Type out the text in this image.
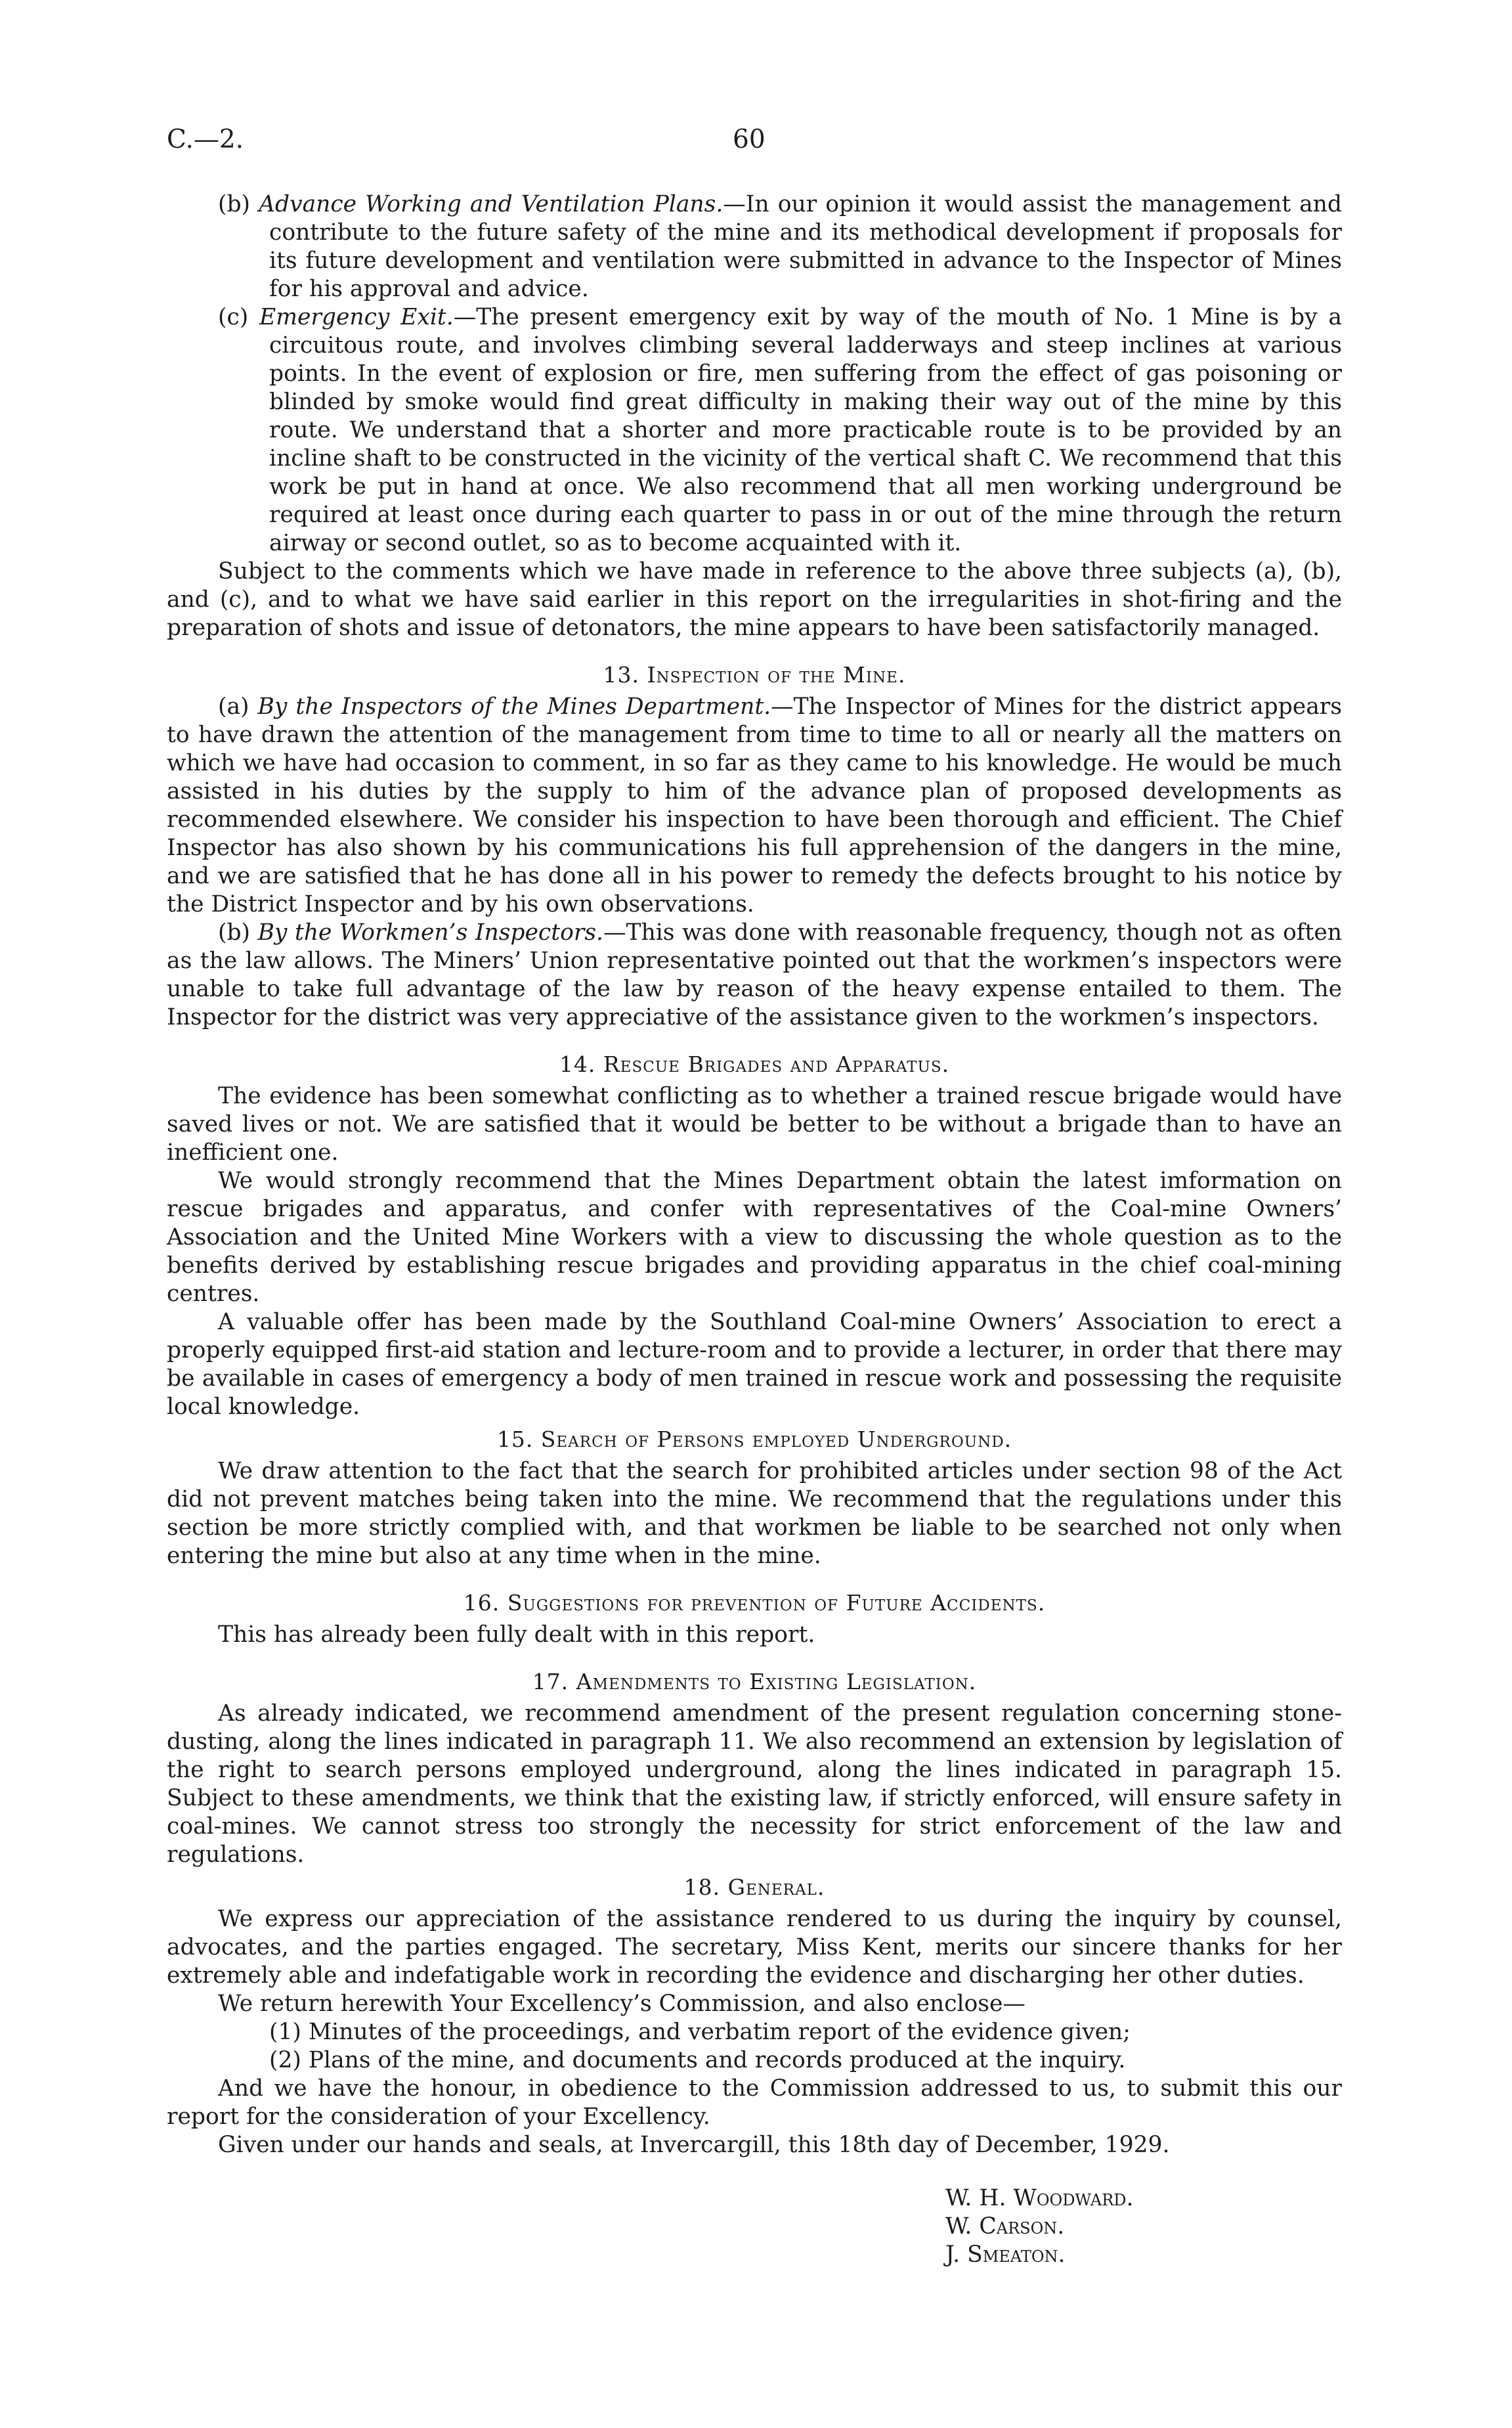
C.—2.	60

(b) Advance Working and Ventilation Plans.—In our opinion it would assist the management and contribute to the future safety of the mine and its methodical development if proposals for its future development and ventilation were submitted in advance to the Inspector of Mines for his approval and advice.

(c) Emergency Exit.—The present emergency exit by way of the mouth of No. 1 Mine is by a circuitous route, and involves climbing several ladderways and steep inclines at various points. In the event of explosion or fire, men suffering from the effect of gas poisoning or blinded by smoke would find great difficulty in making their way out of the mine by this route. We understand that a shorter and more practicable route is to be provided by an incline shaft to be constructed in the vicinity of the vertical shaft C. We recommend that this work be put in hand at once. We also recommend that all men working underground be required at least once during each quarter to pass in or out of the mine through the return airway or second outlet, so as to become acquainted with it.

Subject to the comments which we have made in reference to the above three subjects (a), (b), and (c), and to what we have said earlier in this report on the irregularities in shot-firing and the preparation of shots and issue of detonators, the mine appears to have been satisfactorily managed.

13. Inspection of the Mine.

(a) By the Inspectors of the Mines Department.—The Inspector of Mines for the district appears to have drawn the attention of the management from time to time to all or nearly all the matters on which we have had occasion to comment, in so far as they came to his knowledge. He would be much assisted in his duties by the supply to him of the advance plan of proposed developments as recommended elsewhere. We consider his inspection to have been thorough and efficient. The Chief Inspector has also shown by his communications his full apprehension of the dangers in the mine, and we are satisfied that he has done all in his power to remedy the defects brought to his notice by the District Inspector and by his own observations.

(b) By the Workmen’s Inspectors.—This was done with reasonable frequency, though not as often as the law allows. The Miners’ Union representative pointed out that the workmen’s inspectors were unable to take full advantage of the law by reason of the heavy expense entailed to them. The Inspector for the district was very appreciative of the assistance given to the workmen’s inspectors.

14. Rescue Brigades and Apparatus.

The evidence has been somewhat conflicting as to whether a trained rescue brigade would have saved lives or not. We are satisfied that it would be better to be without a brigade than to have an inefficient one.

We would strongly recommend that the Mines Department obtain the latest imformation on rescue brigades and apparatus, and confer with representatives of the Coal-mine Owners’ Association and the United Mine Workers with a view to discussing the whole question as to the benefits derived by establishing rescue brigades and providing apparatus in the chief coal-mining centres.

A valuable offer has been made by the Southland Coal-mine Owners’ Association to erect a properly equipped first-aid station and lecture-room and to provide a lecturer, in order that there may be available in cases of emergency a body of men trained in rescue work and possessing the requisite local knowledge.

15. Search of Persons employed Underground.

We draw attention to the fact that the search for prohibited articles under section 98 of the Act did not prevent matches being taken into the mine. We recommend that the regulations under this section be more strictly complied with, and that workmen be liable to be searched not only when entering the mine but also at any time when in the mine.

16. Suggestions for prevention of Future Accidents.

This has already been fully dealt with in this report.

17. Amendments to Existing Legislation.

As already indicated, we recommend amendment of the present regulation concerning stone-dusting, along the lines indicated in paragraph 11. We also recommend an extension by legislation of the right to search persons employed underground, along the lines indicated in paragraph 15. Subject to these amendments, we think that the existing law, if strictly enforced, will ensure safety in coal-mines. We cannot stress too strongly the necessity for strict enforcement of the law and regulations.

18. General.

We express our appreciation of the assistance rendered to us during the inquiry by counsel, advocates, and the parties engaged. The secretary, Miss Kent, merits our sincere thanks for her extremely able and indefatigable work in recording the evidence and discharging her other duties.

We return herewith Your Excellency’s Commission, and also enclose—

(1) Minutes of the proceedings, and verbatim report of the evidence given;

(2) Plans of the mine, and documents and records produced at the inquiry.

And we have the honour, in obedience to the Commission addressed to us, to submit this our report for the consideration of your Excellency.

Given under our hands and seals, at Invercargill, this 18th day of December, 1929.

W. H. Woodward.

W. Carson.

J. Smeaton.
